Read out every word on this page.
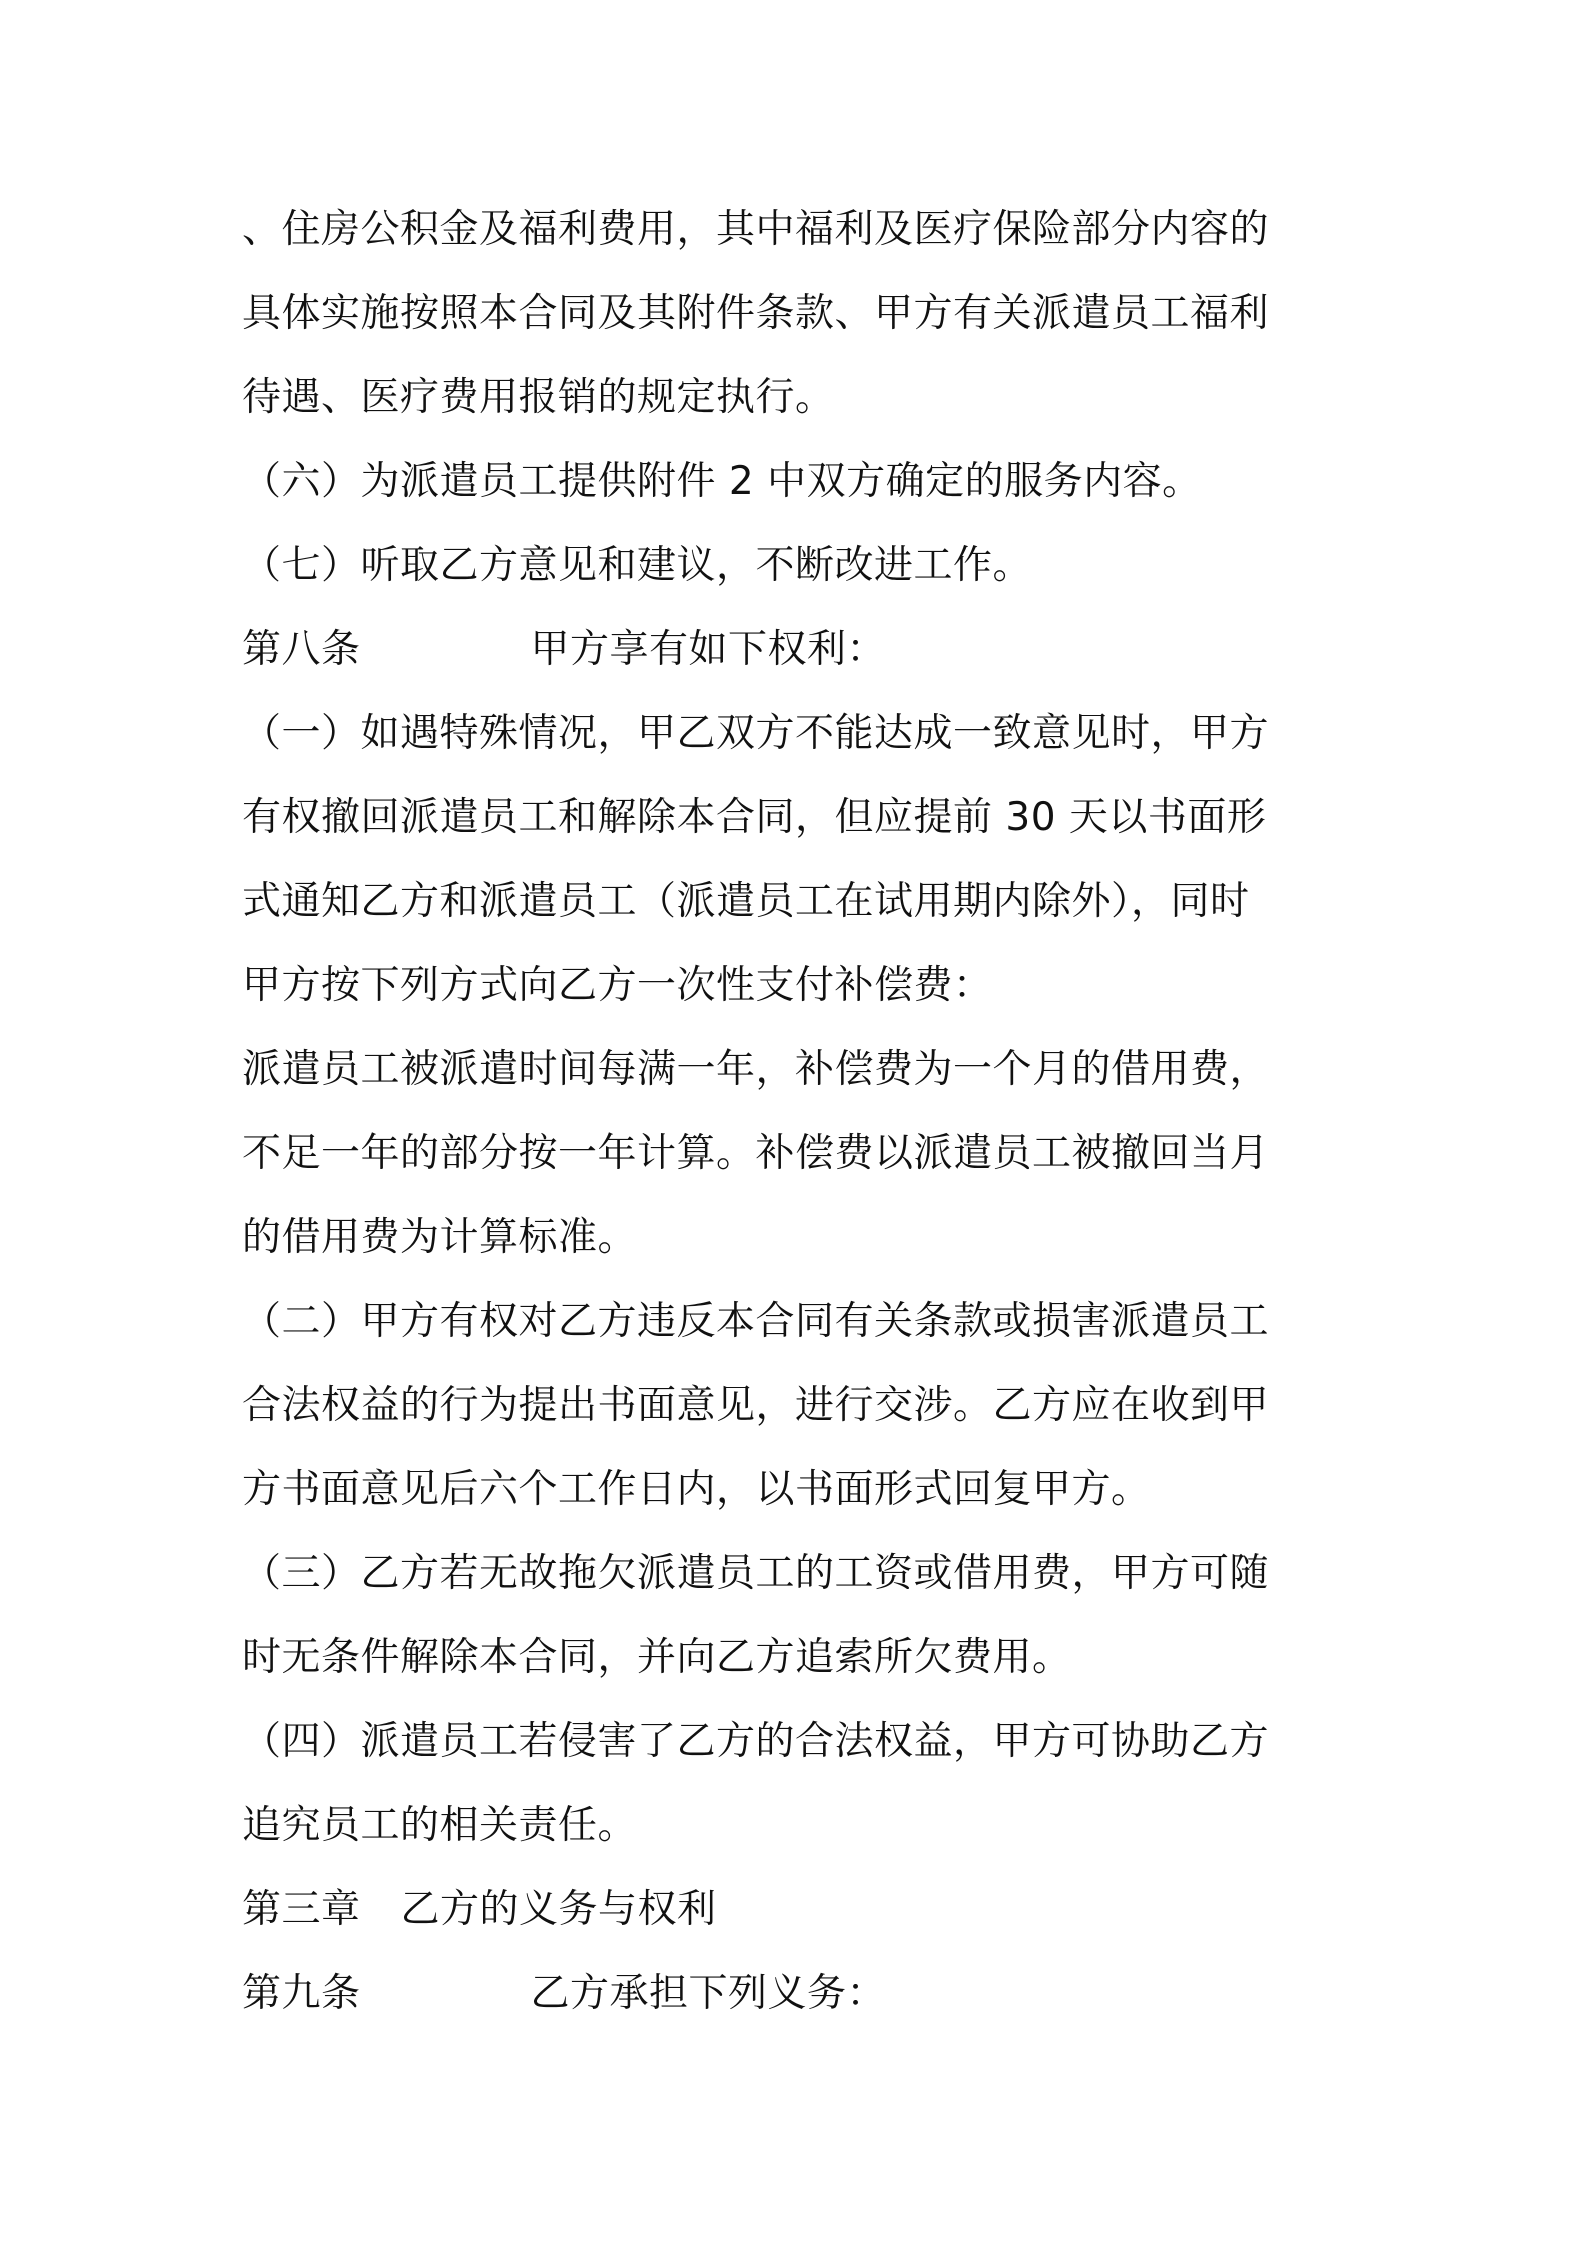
、住房公积金及福利费用，其中福利及医疗保险部分内容的
具体实施按照本合同及其附件条款、甲方有关派遣员工福利
待遇、医疗费用报销的规定执行。
（六）为派遣员工提供附件 2 中双方确定的服务内容。
（七）听取乙方意见和建议，不断改进工作。
第八条	甲方享有如下权利：
（一）如遇特殊情况，甲乙双方不能达成一致意见时，甲方
有权撤回派遣员工和解除本合同，但应提前 30 天以书面形
式通知乙方和派遣员工（派遣员工在试用期内除外），同时
甲方按下列方式向乙方一次性支付补偿费：
派遣员工被派遣时间每满一年，补偿费为一个月的借用费，
不足一年的部分按一年计算。补偿费以派遣员工被撤回当月
的借用费为计算标准。
（二）甲方有权对乙方违反本合同有关条款或损害派遣员工
合法权益的行为提出书面意见，进行交涉。乙方应在收到甲
方书面意见后六个工作日内，以书面形式回复甲方。
（三）乙方若无故拖欠派遣员工的工资或借用费，甲方可随
时无条件解除本合同，并向乙方追索所欠费用。
（四）派遣员工若侵害了乙方的合法权益，甲方可协助乙方
追究员工的相关责任。
第三章 乙方的义务与权利
第九条	乙方承担下列义务：
